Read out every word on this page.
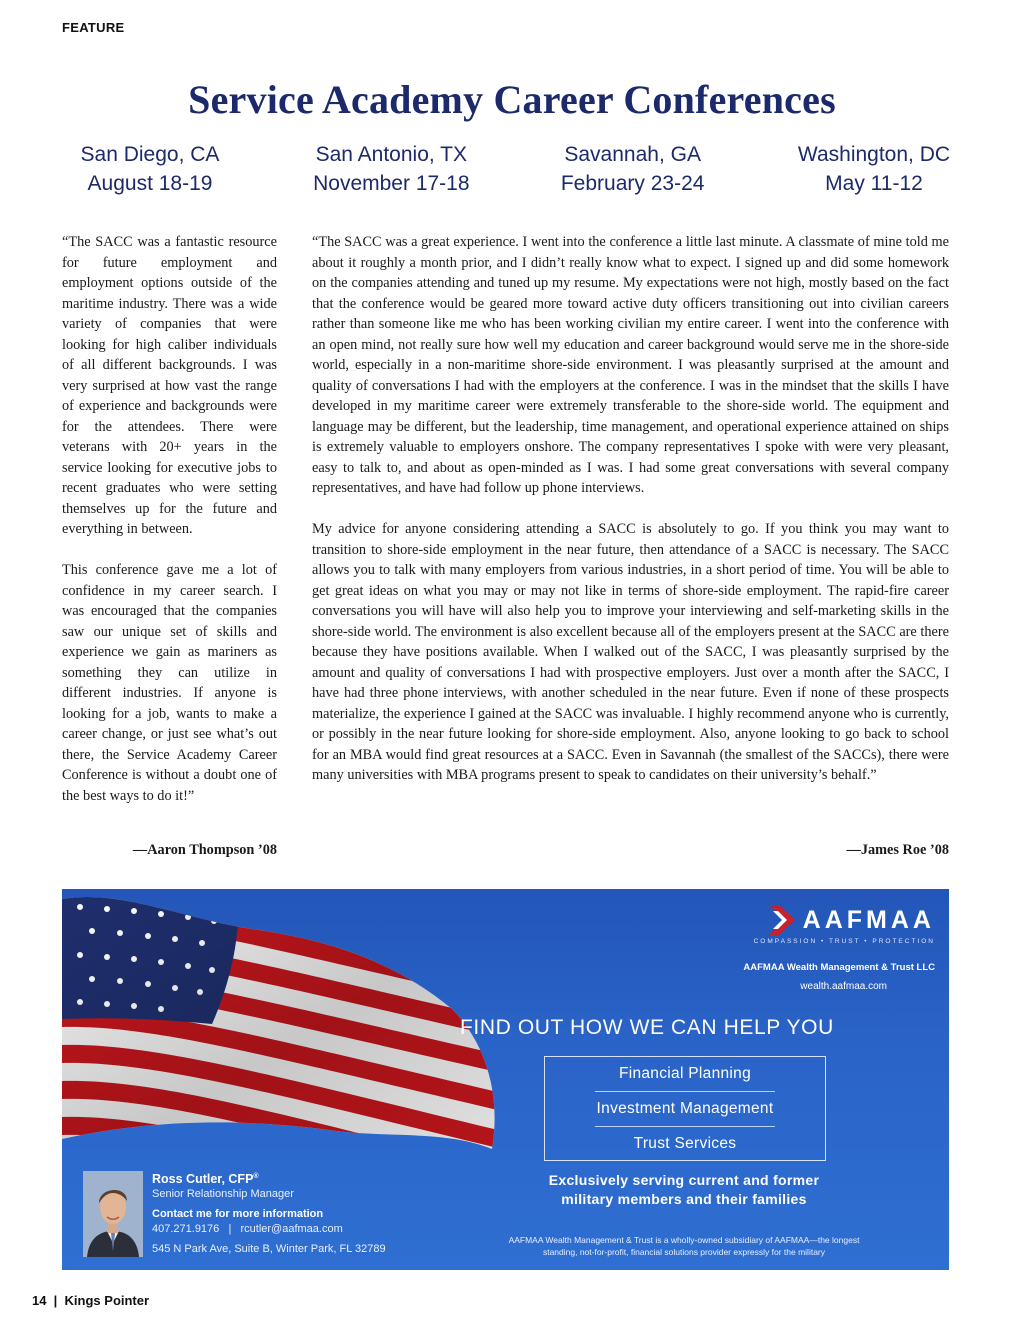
FEATURE
Service Academy Career Conferences
San Diego, CA
August 18-19
San Antonio, TX
November 17-18
Savannah, GA
February 23-24
Washington, DC
May 11-12

“The SACC was a fantastic resource for future employment and employment options outside of the maritime industry. There was a wide variety of companies that were looking for high caliber individuals of all different backgrounds. I was very surprised at how vast the range of experience and backgrounds were for the attendees. There were veterans with 20+ years in the service looking for executive jobs to recent graduates who were setting themselves up for the future and everything in between.

This conference gave me a lot of confidence in my career search. I was encouraged that the companies saw our unique set of skills and experience we gain as mariners as something they can utilize in different industries. If anyone is looking for a job, wants to make a career change, or just see what’s out there, the Service Academy Career Conference is without a doubt one of the best ways to do it!”

—Aaron Thompson ’08

“The SACC was a great experience. I went into the conference a little last minute. A classmate of mine told me about it roughly a month prior, and I didn’t really know what to expect. I signed up and did some homework on the companies attending and tuned up my resume. My expectations were not high, mostly based on the fact that the conference would be geared more toward active duty officers transitioning out into civilian careers rather than someone like me who has been working civilian my entire career. I went into the conference with an open mind, not really sure how well my education and career background would serve me in the shore-side world, especially in a non-maritime shore-side environment. I was pleasantly surprised at the amount and quality of conversations I had with the employers at the conference. I was in the mindset that the skills I have developed in my maritime career were extremely transferable to the shore-side world. The equipment and language may be different, but the leadership, time management, and operational experience attained on ships is extremely valuable to employers onshore. The company representatives I spoke with were very pleasant, easy to talk to, and about as open-minded as I was. I had some great conversations with several company representatives, and have had follow up phone interviews.

My advice for anyone considering attending a SACC is absolutely to go. If you think you may want to transition to shore-side employment in the near future, then attendance of a SACC is necessary. The SACC allows you to talk with many employers from various industries, in a short period of time. You will be able to get great ideas on what you may or may not like in terms of shore-side employment. The rapid-fire career conversations you will have will also help you to improve your interviewing and self-marketing skills in the shore-side world. The environment is also excellent because all of the employers present at the SACC are there because they have positions available. When I walked out of the SACC, I was pleasantly surprised by the amount and quality of conversations I had with prospective employers. Just over a month after the SACC, I have had three phone interviews, with another scheduled in the near future. Even if none of these prospects materialize, the experience I gained at the SACC was invaluable. I highly recommend anyone who is currently, or possibly in the near future looking for shore-side employment. Also, anyone looking to go back to school for an MBA would find great resources at a SACC. Even in Savannah (the smallest of the SACCs), there were many universities with MBA programs present to speak to candidates on their university’s behalf.”

—James Roe ’08
AAFMAA
COMPASSION • TRUST • PROTECTION
AAFMAA Wealth Management & Trust LLC
wealth.aafmaa.com
FIND OUT HOW WE CAN HELP YOU
Financial Planning
Investment Management
Trust Services
Exclusively serving current and former
military members and their families
AAFMAA Wealth Management & Trust is a wholly-owned subsidiary of AAFMAA—the longest
standing, not-for-profit, financial solutions provider expressly for the military
Ross Cutler, CFP®
Senior Relationship Manager
Contact me for more information
407.271.9176   |   rcutler@aafmaa.com
545 N Park Ave, Suite B, Winter Park, FL 32789
14  |  Kings Pointer
